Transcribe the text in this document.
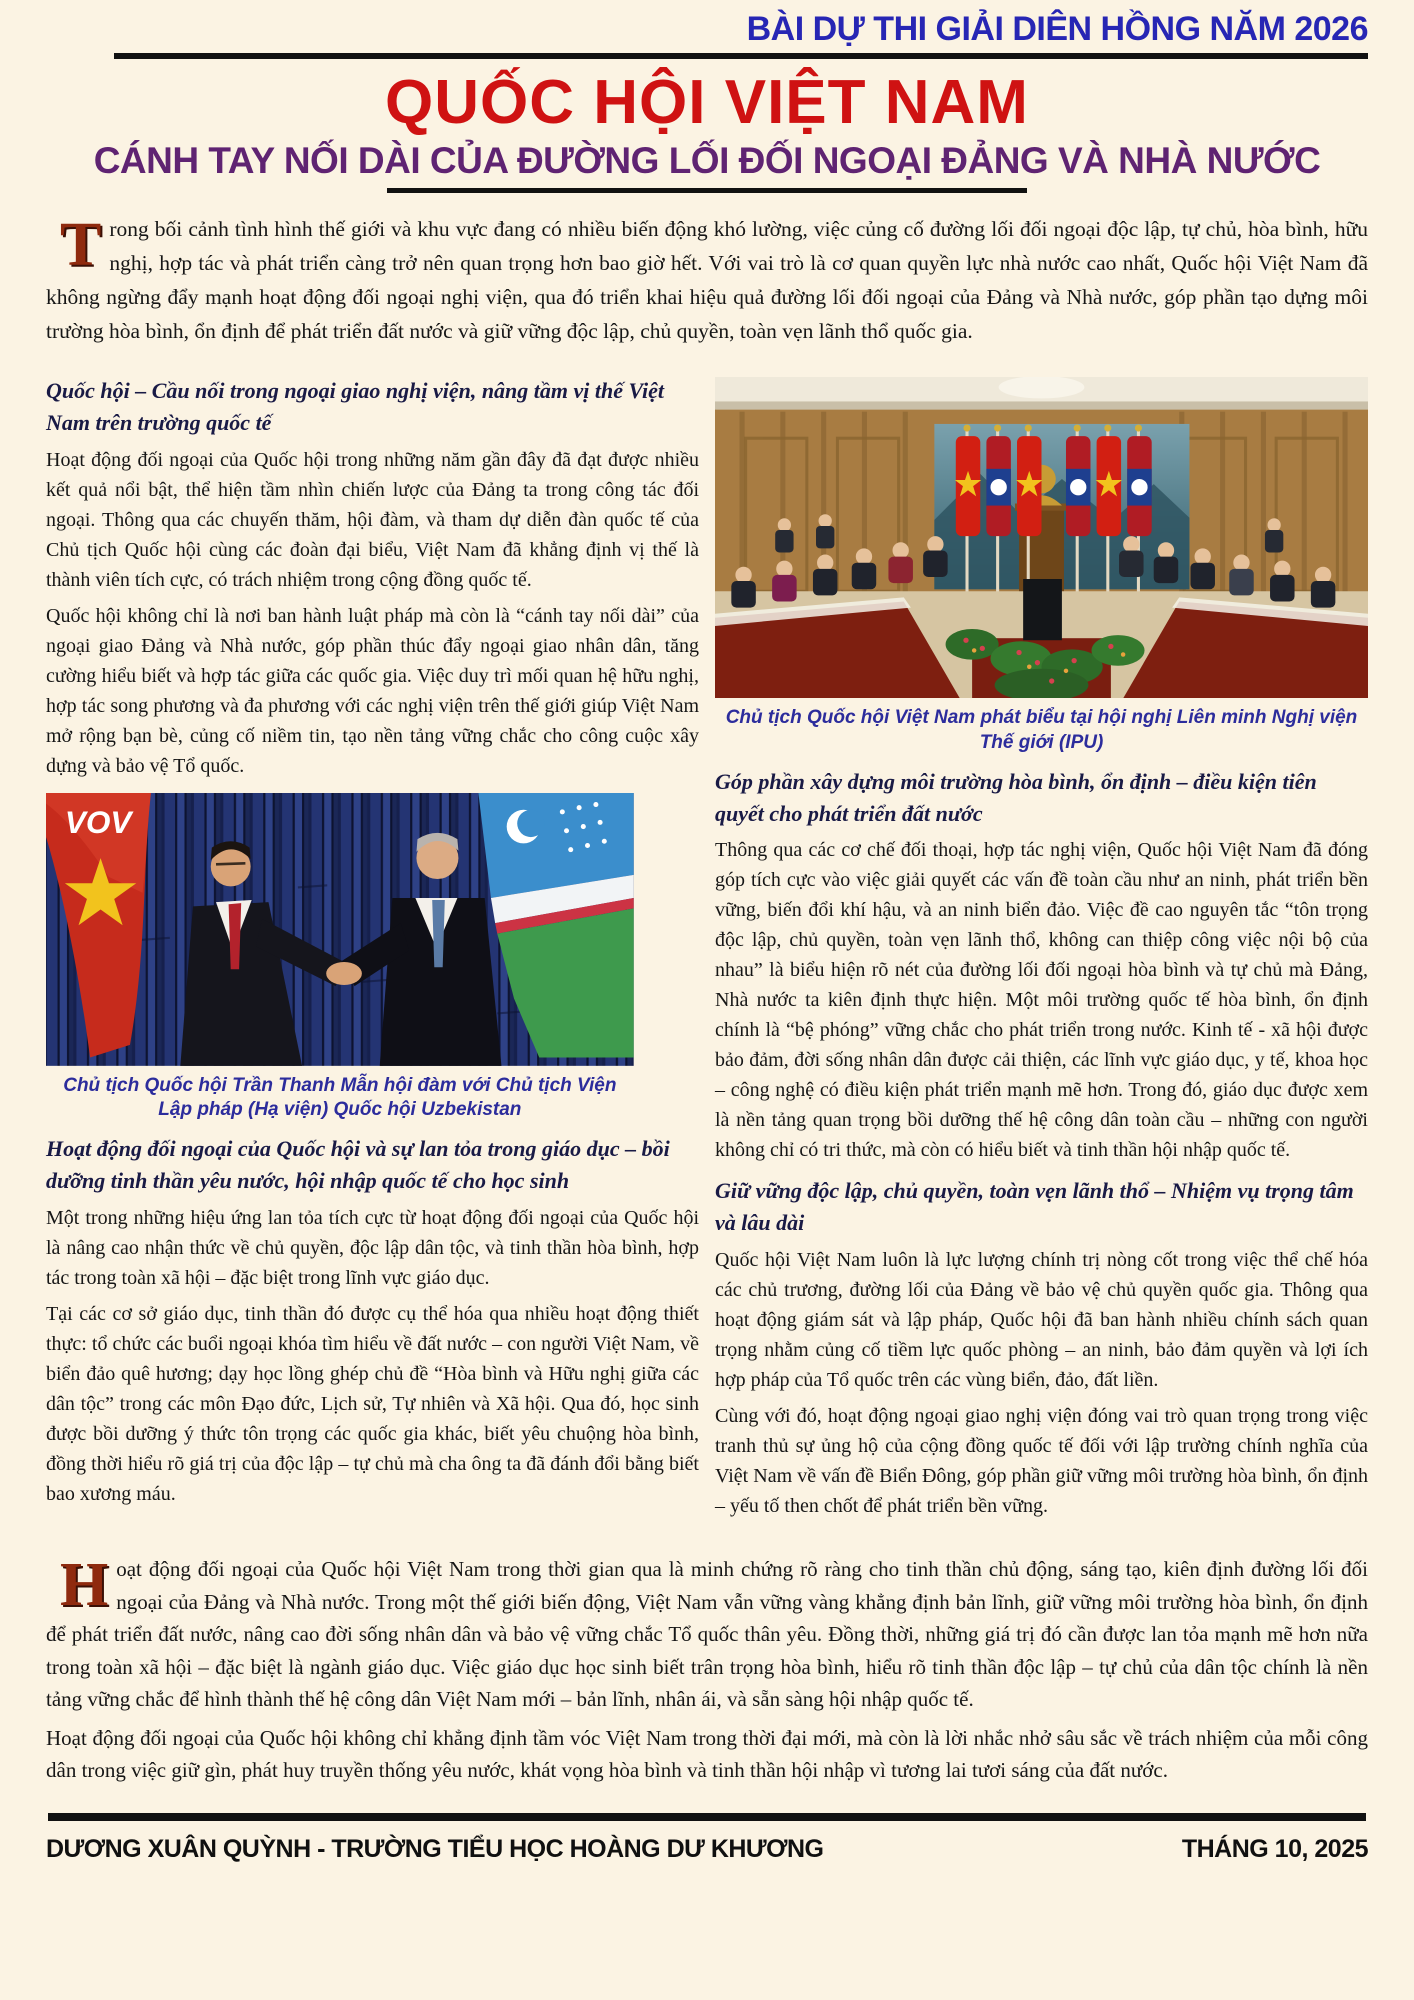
BÀI DỰ THI GIẢI DIÊN HỒNG NĂM 2026
QUỐC HỘI VIỆT NAM
CÁNH TAY NỐI DÀI CỦA ĐƯỜNG LỐI ĐỐI NGOẠI ĐẢNG VÀ NHÀ NƯỚC
Trong bối cảnh tình hình thế giới và khu vực đang có nhiều biến động khó lường, việc củng cố đường lối đối ngoại độc lập, tự chủ, hòa bình, hữu nghị, hợp tác và phát triển càng trở nên quan trọng hơn bao giờ hết. Với vai trò là cơ quan quyền lực nhà nước cao nhất, Quốc hội Việt Nam đã không ngừng đẩy mạnh hoạt động đối ngoại nghị viện, qua đó triển khai hiệu quả đường lối đối ngoại của Đảng và Nhà nước, góp phần tạo dựng môi trường hòa bình, ổn định để phát triển đất nước và giữ vững độc lập, chủ quyền, toàn vẹn lãnh thổ quốc gia.
Quốc hội – Cầu nối trong ngoại giao nghị viện, nâng tầm vị thế Việt Nam trên trường quốc tế

Hoạt động đối ngoại của Quốc hội trong những năm gần đây đã đạt được nhiều kết quả nổi bật, thể hiện tầm nhìn chiến lược của Đảng ta trong công tác đối ngoại. Thông qua các chuyến thăm, hội đàm, và tham dự diễn đàn quốc tế của Chủ tịch Quốc hội cùng các đoàn đại biểu, Việt Nam đã khẳng định vị thế là thành viên tích cực, có trách nhiệm trong cộng đồng quốc tế.

Quốc hội không chỉ là nơi ban hành luật pháp mà còn là “cánh tay nối dài” của ngoại giao Đảng và Nhà nước, góp phần thúc đẩy ngoại giao nhân dân, tăng cường hiểu biết và hợp tác giữa các quốc gia. Việc duy trì mối quan hệ hữu nghị, hợp tác song phương và đa phương với các nghị viện trên thế giới giúp Việt Nam mở rộng bạn bè, củng cố niềm tin, tạo nền tảng vững chắc cho công cuộc xây dựng và bảo vệ Tổ quốc.

VOV
Chủ tịch Quốc hội Trần Thanh Mẫn hội đàm với Chủ tịch Viện Lập pháp (Hạ viện) Quốc hội Uzbekistan
Hoạt động đối ngoại của Quốc hội và sự lan tỏa trong giáo dục – bồi dưỡng tinh thần yêu nước, hội nhập quốc tế cho học sinh

Một trong những hiệu ứng lan tỏa tích cực từ hoạt động đối ngoại của Quốc hội là nâng cao nhận thức về chủ quyền, độc lập dân tộc, và tinh thần hòa bình, hợp tác trong toàn xã hội – đặc biệt trong lĩnh vực giáo dục.

Tại các cơ sở giáo dục, tinh thần đó được cụ thể hóa qua nhiều hoạt động thiết thực: tổ chức các buổi ngoại khóa tìm hiểu về đất nước – con người Việt Nam, về biển đảo quê hương; dạy học lồng ghép chủ đề “Hòa bình và Hữu nghị giữa các dân tộc” trong các môn Đạo đức, Lịch sử, Tự nhiên và Xã hội. Qua đó, học sinh được bồi dưỡng ý thức tôn trọng các quốc gia khác, biết yêu chuộng hòa bình, đồng thời hiểu rõ giá trị của độc lập – tự chủ mà cha ông ta đã đánh đổi bằng biết bao xương máu.

Chủ tịch Quốc hội Việt Nam phát biểu tại hội nghị Liên minh Nghị viện Thế giới (IPU)
Góp phần xây dựng môi trường hòa bình, ổn định – điều kiện tiên quyết cho phát triển đất nước

Thông qua các cơ chế đối thoại, hợp tác nghị viện, Quốc hội Việt Nam đã đóng góp tích cực vào việc giải quyết các vấn đề toàn cầu như an ninh, phát triển bền vững, biến đổi khí hậu, và an ninh biển đảo. Việc đề cao nguyên tắc “tôn trọng độc lập, chủ quyền, toàn vẹn lãnh thổ, không can thiệp công việc nội bộ của nhau” là biểu hiện rõ nét của đường lối đối ngoại hòa bình và tự chủ mà Đảng, Nhà nước ta kiên định thực hiện. Một môi trường quốc tế hòa bình, ổn định chính là “bệ phóng” vững chắc cho phát triển trong nước. Kinh tế - xã hội được bảo đảm, đời sống nhân dân được cải thiện, các lĩnh vực giáo dục, y tế, khoa học – công nghệ có điều kiện phát triển mạnh mẽ hơn. Trong đó, giáo dục được xem là nền tảng quan trọng bồi dưỡng thế hệ công dân toàn cầu – những con người không chỉ có tri thức, mà còn có hiểu biết và tinh thần hội nhập quốc tế.

Giữ vững độc lập, chủ quyền, toàn vẹn lãnh thổ – Nhiệm vụ trọng tâm và lâu dài

Quốc hội Việt Nam luôn là lực lượng chính trị nòng cốt trong việc thể chế hóa các chủ trương, đường lối của Đảng về bảo vệ chủ quyền quốc gia. Thông qua hoạt động giám sát và lập pháp, Quốc hội đã ban hành nhiều chính sách quan trọng nhằm củng cố tiềm lực quốc phòng – an ninh, bảo đảm quyền và lợi ích hợp pháp của Tổ quốc trên các vùng biển, đảo, đất liền.

Cùng với đó, hoạt động ngoại giao nghị viện đóng vai trò quan trọng trong việc tranh thủ sự ủng hộ của cộng đồng quốc tế đối với lập trường chính nghĩa của Việt Nam về vấn đề Biển Đông, góp phần giữ vững môi trường hòa bình, ổn định – yếu tố then chốt để phát triển bền vững.

Hoạt động đối ngoại của Quốc hội Việt Nam trong thời gian qua là minh chứng rõ ràng cho tinh thần chủ động, sáng tạo, kiên định đường lối đối ngoại của Đảng và Nhà nước. Trong một thế giới biến động, Việt Nam vẫn vững vàng khẳng định bản lĩnh, giữ vững môi trường hòa bình, ổn định để phát triển đất nước, nâng cao đời sống nhân dân và bảo vệ vững chắc Tổ quốc thân yêu. Đồng thời, những giá trị đó cần được lan tỏa mạnh mẽ hơn nữa trong toàn xã hội – đặc biệt là ngành giáo dục. Việc giáo dục học sinh biết trân trọng hòa bình, hiểu rõ tinh thần độc lập – tự chủ của dân tộc chính là nền tảng vững chắc để hình thành thế hệ công dân Việt Nam mới – bản lĩnh, nhân ái, và sẵn sàng hội nhập quốc tế.

Hoạt động đối ngoại của Quốc hội không chỉ khẳng định tầm vóc Việt Nam trong thời đại mới, mà còn là lời nhắc nhở sâu sắc về trách nhiệm của mỗi công dân trong việc giữ gìn, phát huy truyền thống yêu nước, khát vọng hòa bình và tinh thần hội nhập vì tương lai tươi sáng của đất nước.

DƯƠNG XUÂN QUỲNH - TRƯỜNG TIỂU HỌC HOÀNG DƯ KHƯƠNG	THÁNG 10, 2025
